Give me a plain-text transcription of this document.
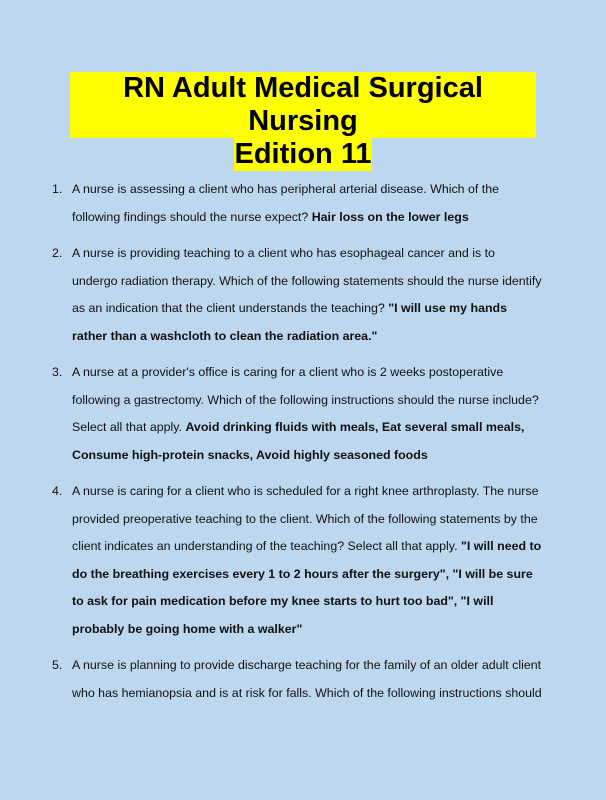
RN Adult Medical Surgical Nursing
Edition 11
1. A nurse is assessing a client who has peripheral arterial disease. Which of the following findings should the nurse expect? Hair loss on the lower legs
2. A nurse is providing teaching to a client who has esophageal cancer and is to undergo radiation therapy. Which of the following statements should the nurse identify as an indication that the client understands the teaching? "I will use my hands rather than a washcloth to clean the radiation area."
3. A nurse at a provider's office is caring for a client who is 2 weeks postoperative following a gastrectomy. Which of the following instructions should the nurse include? Select all that apply. Avoid drinking fluids with meals, Eat several small meals, Consume high-protein snacks, Avoid highly seasoned foods
4. A nurse is caring for a client who is scheduled for a right knee arthroplasty. The nurse provided preoperative teaching to the client. Which of the following statements by the client indicates an understanding of the teaching? Select all that apply. "I will need to do the breathing exercises every 1 to 2 hours after the surgery", "I will be sure to ask for pain medication before my knee starts to hurt too bad", "I will probably be going home with a walker"
5. A nurse is planning to provide discharge teaching for the family of an older adult client who has hemianopsia and is at risk for falls. Which of the following instructions should
